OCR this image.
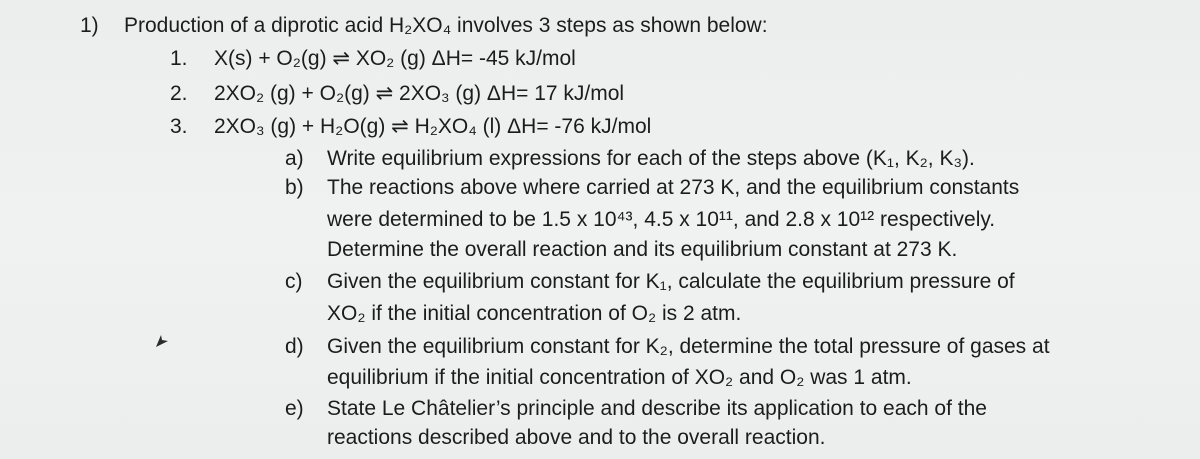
1) Production of a diprotic acid H₂XO₄ involves 3 steps as shown below:
1. X(s) + O₂(g) ⇌ XO₂ (g) ΔH= -45 kJ/mol
2. 2XO₂ (g) + O₂(g) ⇌ 2XO₃ (g) ΔH= 17 kJ/mol
3. 2XO₃ (g) + H₂O(g) ⇌ H₂XO₄ (l) ΔH= -76 kJ/mol
a) Write equilibrium expressions for each of the steps above (K₁, K₂, K₃).
b) The reactions above where carried at 273 K, and the equilibrium constants
were determined to be 1.5 x 10⁴³, 4.5 x 10¹¹, and 2.8 x 10¹² respectively.
Determine the overall reaction and its equilibrium constant at 273 K.
c) Given the equilibrium constant for K₁, calculate the equilibrium pressure of
XO₂ if the initial concentration of O₂ is 2 atm.
d) Given the equilibrium constant for K₂, determine the total pressure of gases at
equilibrium if the initial concentration of XO₂ and O₂ was 1 atm.
e) State Le Châtelier’s principle and describe its application to each of the
reactions described above and to the overall reaction.
